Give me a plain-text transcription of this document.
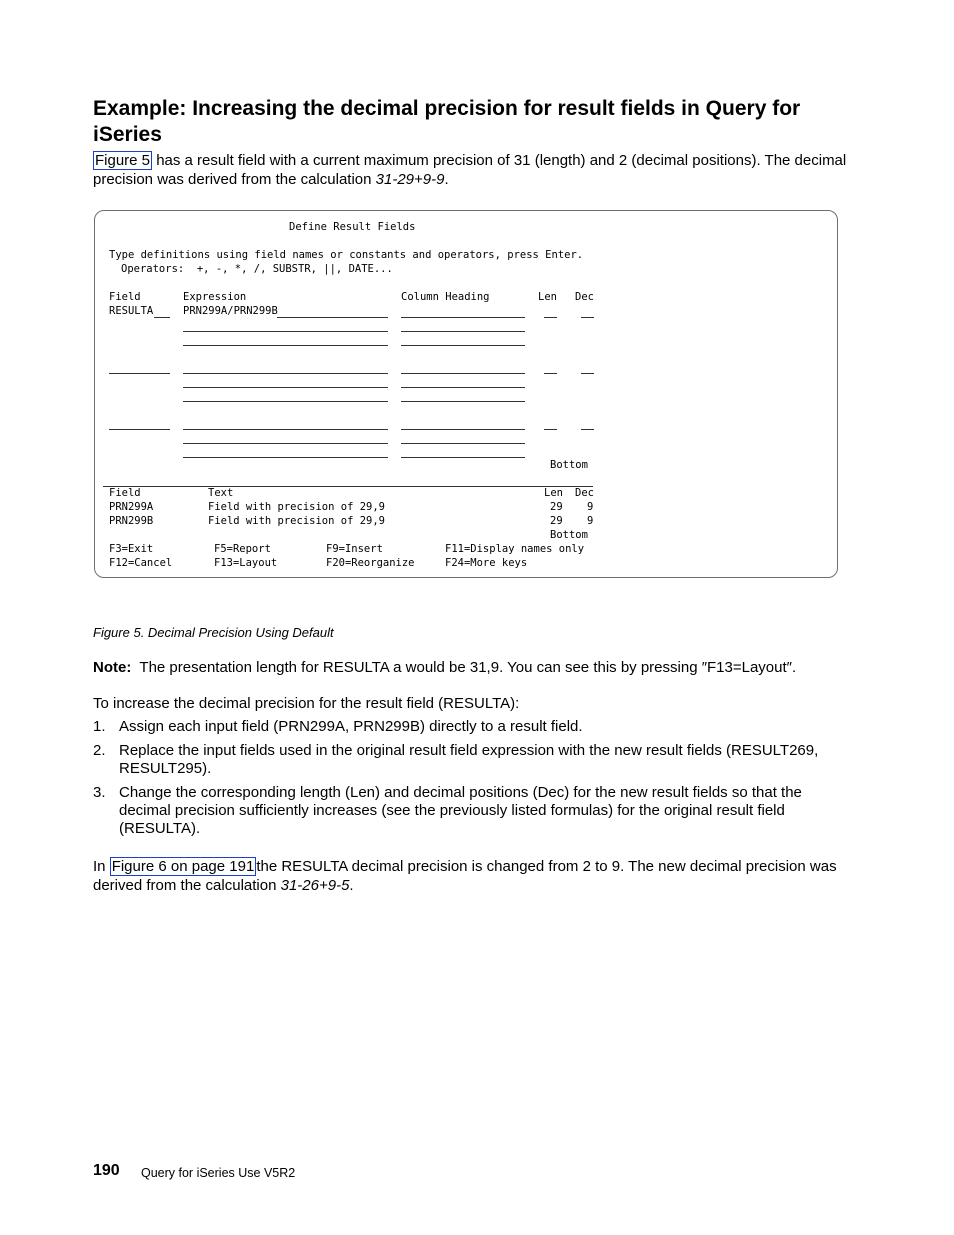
Example: Increasing the decimal precision for result fields in Query for iSeries

Figure 5 has a result field with a current maximum precision of 31 (length) and 2 (decimal positions). The decimal precision was derived from the calculation 31-29+9-9.

Define Result Fields
Type definitions using field names or constants and operators, press Enter.
Operators:  +, -, *, /, SUBSTR, ||, DATE...
Field	Expression	Column Heading	Len Dec
RESULTA	PRN299A/PRN299B
Bottom
Field	Text	Len Dec
PRN299A	Field with precision of 29,9	29 9
PRN299B	Field with precision of 29,9	29 9
Bottom
F3=Exit	F5=Report	F9=Insert	F11=Display names only
F12=Cancel	F13=Layout	F20=Reorganize	F24=More keys
Figure 5. Decimal Precision Using Default
Note: The presentation length for RESULTA a would be 31,9. You can see this by pressing ″F13=Layout″.

To increase the decimal precision for the result field (RESULTA):

1. Assign each input field (PRN299A, PRN299B) directly to a result field.
2. Replace the input fields used in the original result field expression with the new result fields (RESULT269, RESULT295).
3. Change the corresponding length (Len) and decimal positions (Dec) for the new result fields so that the decimal precision sufficiently increases (see the previously listed formulas) for the original result field (RESULTA).

In Figure 6 on page 191 the RESULTA decimal precision is changed from 2 to 9. The new decimal precision was derived from the calculation 31-26+9-5.

190 Query for iSeries Use V5R2
